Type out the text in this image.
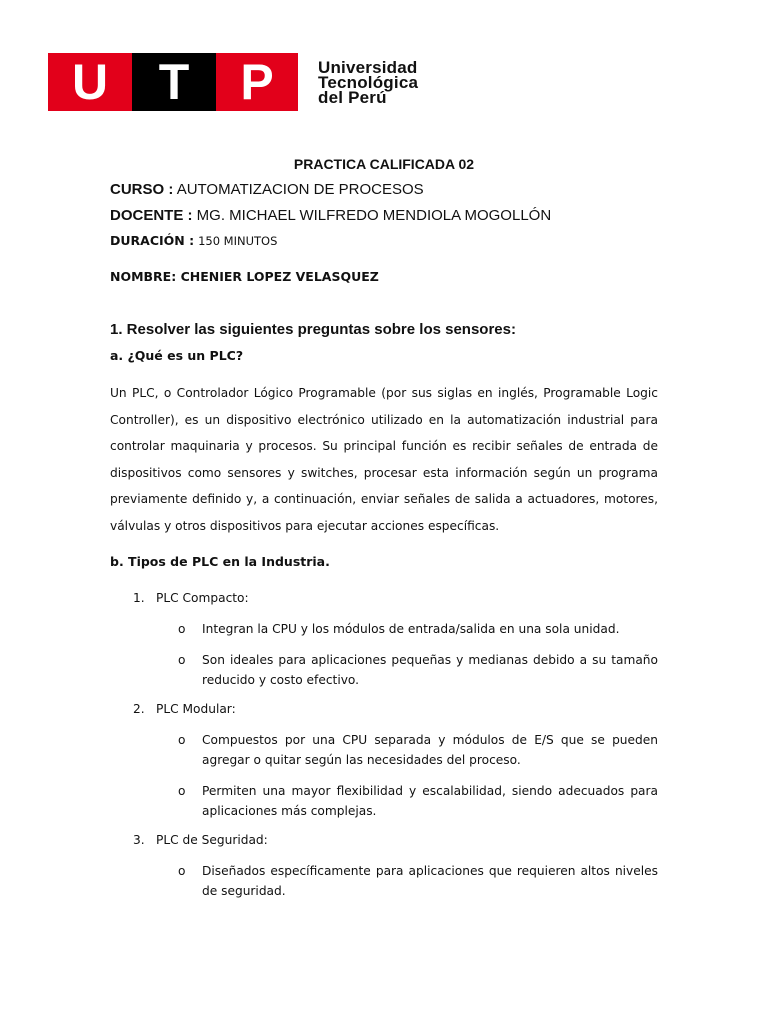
U	T	P	Universidad
Tecnológica
del Perú
PRACTICA CALIFICADA 02
CURSO : AUTOMATIZACION DE PROCESOS
DOCENTE : MG. MICHAEL WILFREDO MENDIOLA MOGOLLÓN
DURACIÓN : 150 MINUTOS
NOMBRE: CHENIER LOPEZ VELASQUEZ
1. Resolver las siguientes preguntas sobre los sensores:
a. ¿Qué es un PLC?
Un PLC, o Controlador Lógico Programable (por sus siglas en inglés, Programable Logic Controller), es un dispositivo electrónico utilizado en la automatización industrial para controlar maquinaria y procesos. Su principal función es recibir señales de entrada de dispositivos como sensores y switches, procesar esta información según un programa previamente definido y, a continuación, enviar señales de salida a actuadores, motores, válvulas y otros dispositivos para ejecutar acciones específicas.
b. Tipos de PLC en la Industria.
1. PLC Compacto:
o Integran la CPU y los módulos de entrada/salida en una sola unidad.
o Son ideales para aplicaciones pequeñas y medianas debido a su tamaño reducido y costo efectivo.
2. PLC Modular:
o Compuestos por una CPU separada y módulos de E/S que se pueden agregar o quitar según las necesidades del proceso.
o Permiten una mayor flexibilidad y escalabilidad, siendo adecuados para aplicaciones más complejas.
3. PLC de Seguridad:
o Diseñados específicamente para aplicaciones que requieren altos niveles de seguridad.
